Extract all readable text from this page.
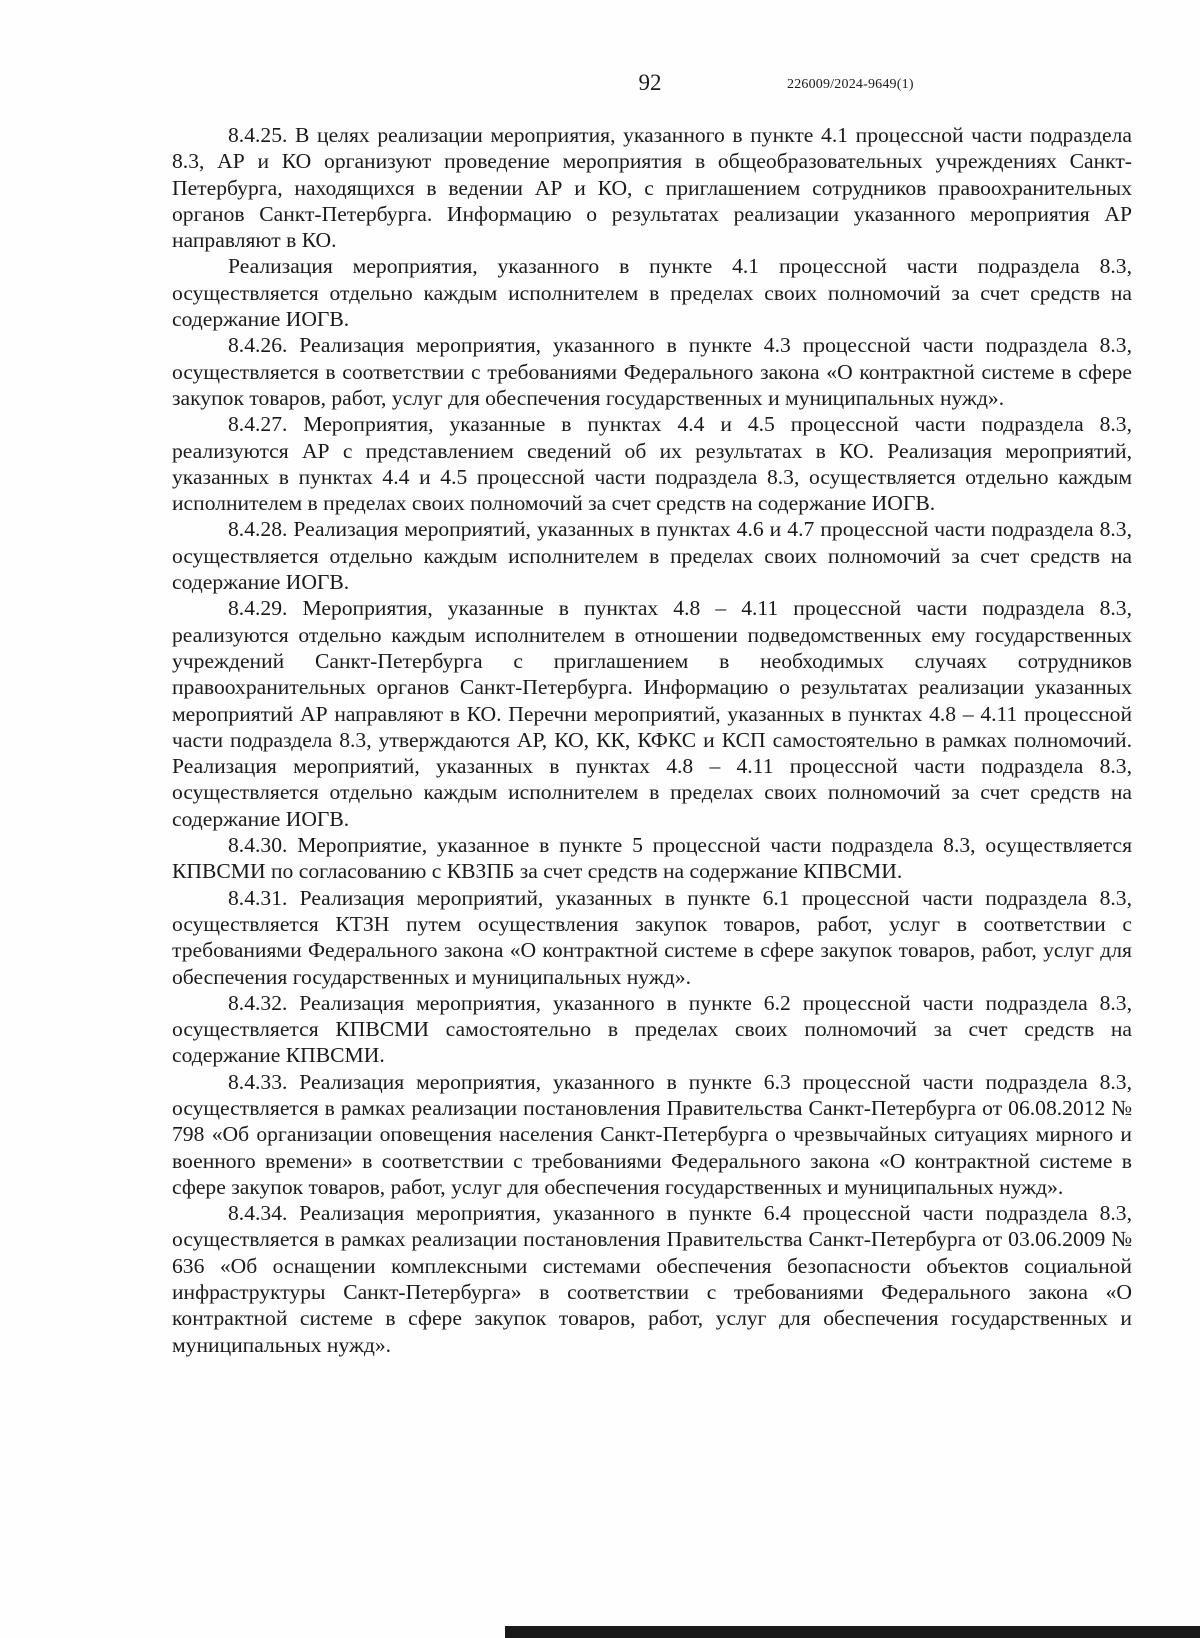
92	226009/2024-9649(1)

8.4.25. В целях реализации мероприятия, указанного в пункте 4.1 процессной части подраздела 8.3, АР и КО организуют проведение мероприятия в общеобразовательных учреждениях Санкт-Петербурга, находящихся в ведении АР и КО, с приглашением сотрудников правоохранительных органов Санкт-Петербурга. Информацию о результатах реализации указанного мероприятия АР направляют в КО.

Реализация мероприятия, указанного в пункте 4.1 процессной части подраздела 8.3, осуществляется отдельно каждым исполнителем в пределах своих полномочий за счет средств на содержание ИОГВ.

8.4.26. Реализация мероприятия, указанного в пункте 4.3 процессной части подраздела 8.3, осуществляется в соответствии с требованиями Федерального закона «О контрактной системе в сфере закупок товаров, работ, услуг для обеспечения государственных и муниципальных нужд».

8.4.27. Мероприятия, указанные в пунктах 4.4 и 4.5 процессной части подраздела 8.3, реализуются АР с представлением сведений об их результатах в КО. Реализация мероприятий, указанных в пунктах 4.4 и 4.5 процессной части подраздела 8.3, осуществляется отдельно каждым исполнителем в пределах своих полномочий за счет средств на содержание ИОГВ.

8.4.28. Реализация мероприятий, указанных в пунктах 4.6 и 4.7 процессной части подраздела 8.3, осуществляется отдельно каждым исполнителем в пределах своих полномочий за счет средств на содержание ИОГВ.

8.4.29. Мероприятия, указанные в пунктах 4.8 – 4.11 процессной части подраздела 8.3, реализуются отдельно каждым исполнителем в отношении подведомственных ему государственных учреждений Санкт-Петербурга с приглашением в необходимых случаях сотрудников правоохранительных органов Санкт-Петербурга. Информацию о результатах реализации указанных мероприятий АР направляют в КО. Перечни мероприятий, указанных в пунктах 4.8 – 4.11 процессной части подраздела 8.3, утверждаются АР, КО, КК, КФКС и КСП самостоятельно в рамках полномочий. Реализация мероприятий, указанных в пунктах 4.8 – 4.11 процессной части подраздела 8.3, осуществляется отдельно каждым исполнителем в пределах своих полномочий за счет средств на содержание ИОГВ.

8.4.30. Мероприятие, указанное в пункте 5 процессной части подраздела 8.3, осуществляется КПВСМИ по согласованию с КВЗПБ за счет средств на содержание КПВСМИ.

8.4.31. Реализация мероприятий, указанных в пункте 6.1 процессной части подраздела 8.3, осуществляется КТЗН путем осуществления закупок товаров, работ, услуг в соответствии с требованиями Федерального закона «О контрактной системе в сфере закупок товаров, работ, услуг для обеспечения государственных и муниципальных нужд».

8.4.32. Реализация мероприятия, указанного в пункте 6.2 процессной части подраздела 8.3, осуществляется КПВСМИ самостоятельно в пределах своих полномочий за счет средств на содержание КПВСМИ.

8.4.33. Реализация мероприятия, указанного в пункте 6.3 процессной части подраздела 8.3, осуществляется в рамках реализации постановления Правительства Санкт-Петербурга от 06.08.2012 № 798 «Об организации оповещения населения Санкт-Петербурга о чрезвычайных ситуациях мирного и военного времени» в соответствии с требованиями Федерального закона «О контрактной системе в сфере закупок товаров, работ, услуг для обеспечения государственных и муниципальных нужд».

8.4.34. Реализация мероприятия, указанного в пункте 6.4 процессной части подраздела 8.3, осуществляется в рамках реализации постановления Правительства Санкт-Петербурга от 03.06.2009 № 636 «Об оснащении комплексными системами обеспечения безопасности объектов социальной инфраструктуры Санкт-Петербурга» в соответствии с требованиями Федерального закона «О контрактной системе в сфере закупок товаров, работ, услуг для обеспечения государственных и муниципальных нужд».
